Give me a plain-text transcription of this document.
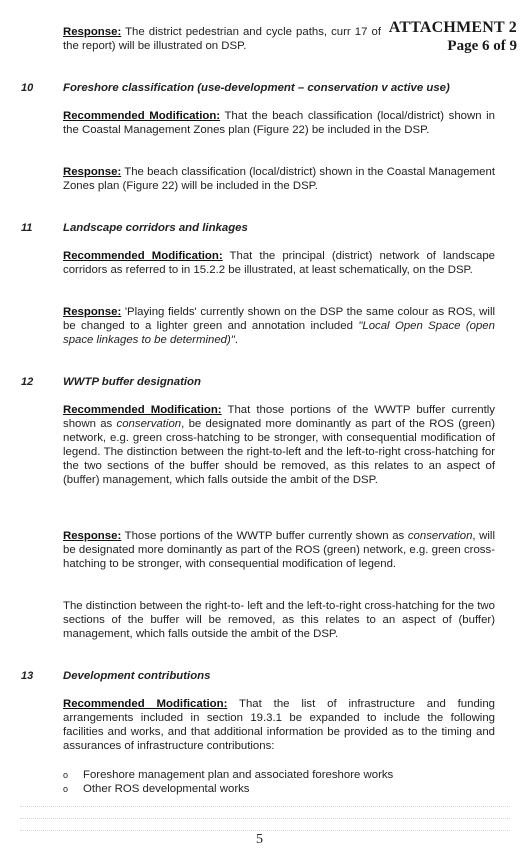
ATTACHMENT 2
Page 6 of 9
Response: The district pedestrian and cycle paths, curr 17 of the report) will be illustrated on DSP.
10	Foreshore classification (use-development – conservation v active use)
Recommended Modification: That the beach classification (local/district) shown in the Coastal Management Zones plan (Figure 22) be included in the DSP.
Response: The beach classification (local/district) shown in the Coastal Management Zones plan (Figure 22) will be included in the DSP.
11	Landscape corridors and linkages
Recommended Modification: That the principal (district) network of landscape corridors as referred to in 15.2.2 be illustrated, at least schematically, on the DSP.
Response: 'Playing fields' currently shown on the DSP the same colour as ROS, will be changed to a lighter green and annotation included "Local Open Space (open space linkages to be determined)".
12	WWTP buffer designation
Recommended Modification: That those portions of the WWTP buffer currently shown as conservation, be designated more dominantly as part of the ROS (green) network, e.g. green cross-hatching to be stronger, with consequential modification of legend. The distinction between the right-to-left and the left-to-right cross-hatching for the two sections of the buffer should be removed, as this relates to an aspect of (buffer) management, which falls outside the ambit of the DSP.
Response: Those portions of the WWTP buffer currently shown as conservation, will be designated more dominantly as part of the ROS (green) network, e.g. green cross-hatching to be stronger, with consequential modification of legend.
The distinction between the right-to- left and the left-to-right cross-hatching for the two sections of the buffer will be removed, as this relates to an aspect of (buffer) management, which falls outside the ambit of the DSP.
13	Development contributions
Recommended Modification: That the list of infrastructure and funding arrangements included in section 19.3.1 be expanded to include the following facilities and works, and that additional information be provided as to the timing and assurances of infrastructure contributions:
o Foreshore management plan and associated foreshore works
o Other ROS developmental works
5
